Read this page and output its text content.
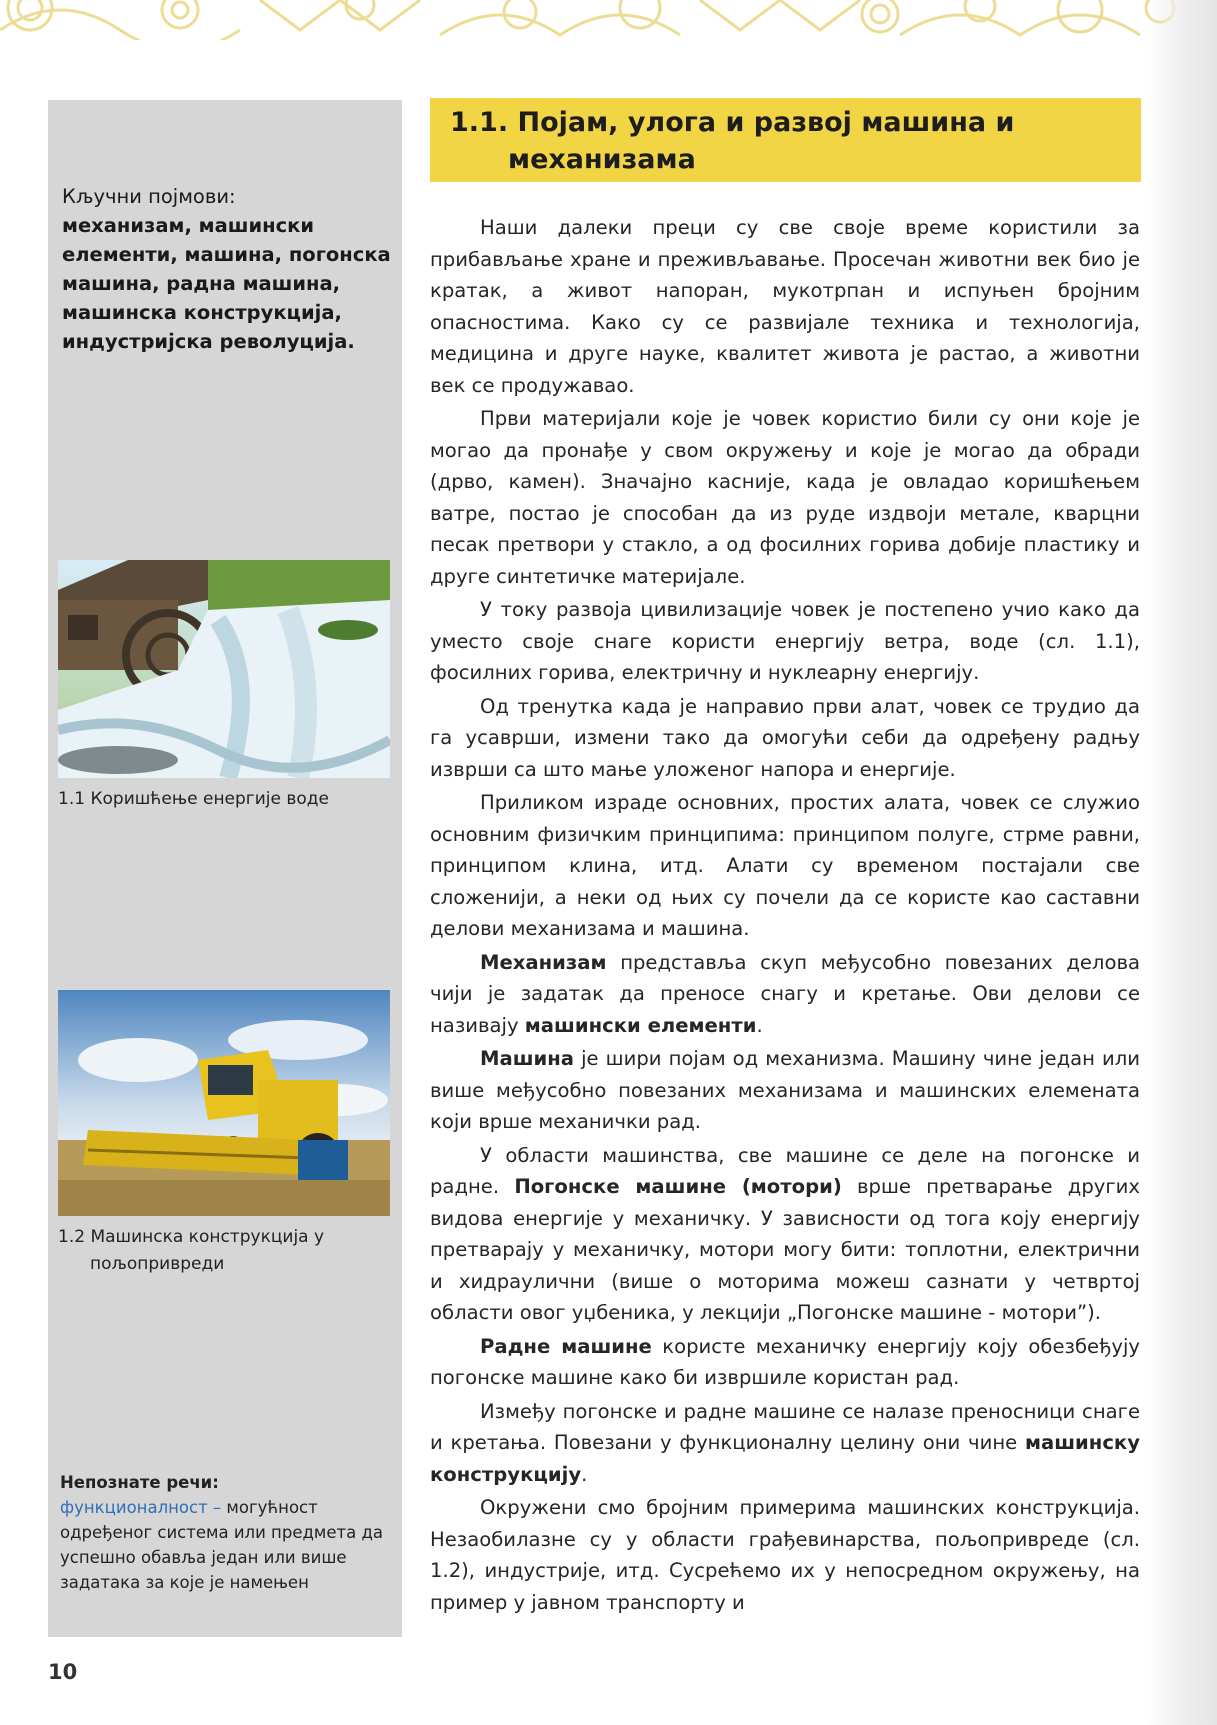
Кључни појмови:
механизам, машински елементи, машина, погонска машина, радна машина, машинска конструкција, индустријска револуција.
1.1 Коришћење енергије воде
1.2 Машинска конструкција у
пољопривреди
Непознате речи:
функционалност – могућност одређеног система или предмета да успешно обавља један или више задатака за које је намењен
1.1. Појам, улога и развој машина и
механизама

Наши далеки преци су све своје време користили за прибављање хране и преживљавање. Просечан животни век био је кратак, а живот напоран, мукотрпан и испуњен бројним опасностима. Како су се развијале техника и технологија, медицина и друге науке, квалитет живота је растао, а животни век се продужавао.

Први материјали које је човек користио били су они које је могао да пронађе у свом окружењу и које је могао да обради (дрво, камен). Значајно касније, када је овладао коришћењем ватре, постао је способан да из руде издвоји метале, кварцни песак претвори у стакло, а од фосилних горива добије пластику и друге синтетичке материјале.

У току развоја цивилизације човек је постепено учио како да уместо своје снаге користи енергију ветра, воде (сл. 1.1), фосилних горива, електричну и нуклеарну енергију.

Од тренутка када је направио први алат, човек се трудио да га усаврши, измени тако да омогући себи да одређену радњу изврши са што мање уложеног напора и енергије.

Приликом израде основних, простих алата, човек се служио основним физичким принципима: принципом полуге, стрме равни, принципом клина, итд. Алати су временом постајали све сложенији, а неки од њих су почели да се користе као саставни делови механизама и машина.

Механизам представља скуп међусобно повезаних делова чији је задатак да преносе снагу и кретање. Ови делови се називају машински елементи.

Машина је шири појам од механизма. Машину чине један или више међусобно повезаних механизама и машинских елемената који врше механички рад.

У области машинства, све машине се деле на погонске и радне. Погонске машине (мотори) врше претварање других видова енергије у механичку. У зависности од тога коју енергију претварају у механичку, мотори могу бити: топлотни, електрични и хидраулични (више о моторима можеш сазнати у четвртој области овог уџбеника, у лекцији „Погонске машине - мотори”).

Радне машине користе механичку енергију коју обезбеђују погонске машине како би извршиле користан рад.

Између погонске и радне машине се налазе преносници снаге и кретања. Повезани у функционалну целину они чине машинску конструкцију.

Окружени смо бројним примерима машинских конструкција. Незаобилазне су у области грађевинарства, пољопривреде (сл. 1.2), индустрије, итд. Сусрећемо их у непосредном окружењу, на пример у јавном транспорту и

10
